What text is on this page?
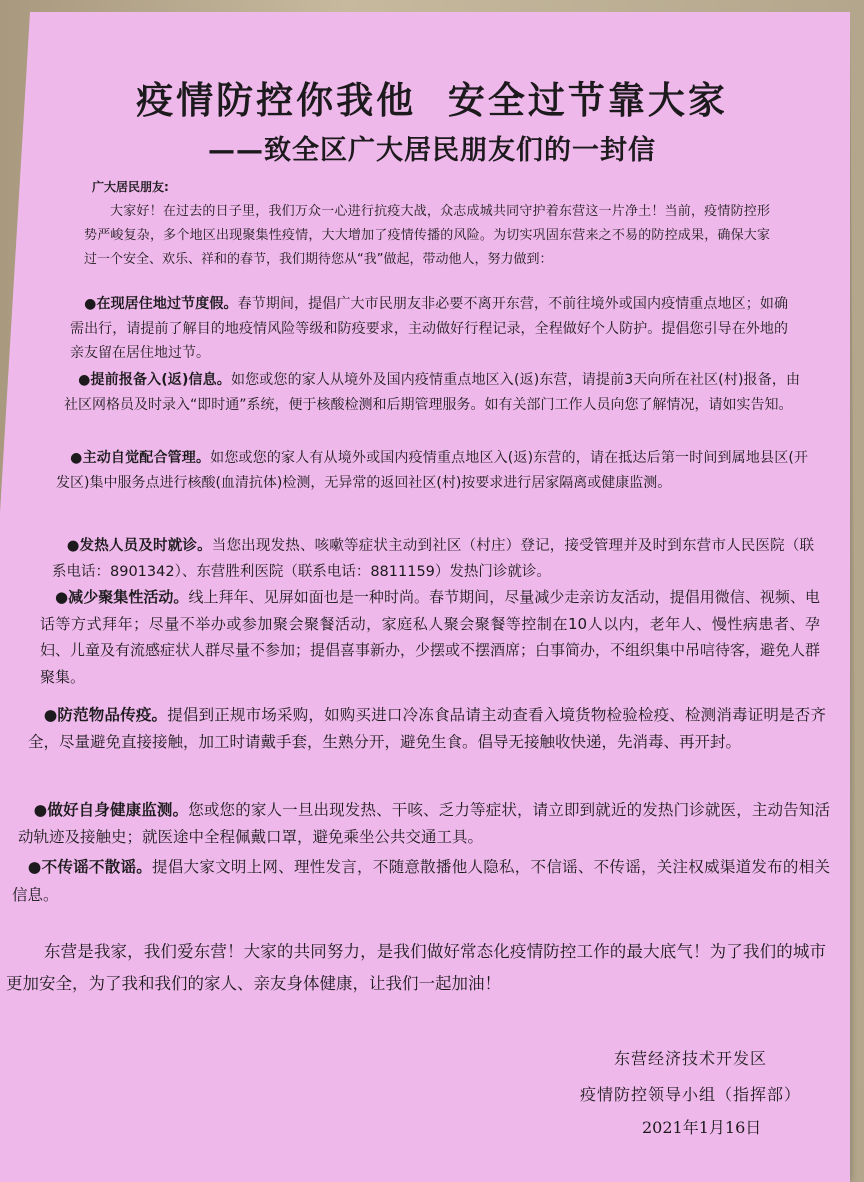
疫情防控你我他  安全过节靠大家
——致全区广大居民朋友们的一封信
广大居民朋友:
大家好！在过去的日子里，我们万众一心进行抗疫大战，众志成城共同守护着东营这一片净土！当前，疫情防控形势严峻复杂，多个地区出现聚集性疫情，大大增加了疫情传播的风险。为切实巩固东营来之不易的防控成果，确保大家过一个安全、欢乐、祥和的春节，我们期待您从“我”做起，带动他人，努力做到：
 ●在现居住地过节度假。春节期间，提倡广大市民朋友非必要不离开东营，不前往境外或国内疫情重点地区；如确需出行，请提前了解目的地疫情风险等级和防疫要求，主动做好行程记录，全程做好个人防护。提倡您引导在外地的亲友留在居住地过节。
 ●提前报备入(返)信息。如您或您的家人从境外及国内疫情重点地区入(返)东营，请提前3天向所在社区(村)报备，由社区网格员及时录入“即时通”系统，便于核酸检测和后期管理服务。如有关部门工作人员向您了解情况，请如实告知。
 ●主动自觉配合管理。如您或您的家人有从境外或国内疫情重点地区入(返)东营的，请在抵达后第一时间到属地县区(开发区)集中服务点进行核酸(血清抗体)检测，无异常的返回社区(村)按要求进行居家隔离或健康监测。
 ●发热人员及时就诊。当您出现发热、咳嗽等症状主动到社区（村庄）登记，接受管理并及时到东营市人民医院（联系电话：8901342）、东营胜利医院（联系电话：8811159）发热门诊就诊。
 ●减少聚集性活动。线上拜年、见屏如面也是一种时尚。春节期间，尽量减少走亲访友活动，提倡用微信、视频、电话等方式拜年；尽量不举办或参加聚会聚餐活动，家庭私人聚会聚餐等控制在10人以内，老年人、慢性病患者、孕妇、儿童及有流感症状人群尽量不参加；提倡喜事新办，少摆或不摆酒席；白事简办，不组织集中吊唁待客，避免人群聚集。
 ●防范物品传疫。提倡到正规市场采购，如购买进口冷冻食品请主动查看入境货物检验检疫、检测消毒证明是否齐全，尽量避免直接接触，加工时请戴手套，生熟分开，避免生食。倡导无接触收快递，先消毒、再开封。
 ●做好自身健康监测。您或您的家人一旦出现发热、干咳、乏力等症状，请立即到就近的发热门诊就医，主动告知活动轨迹及接触史；就医途中全程佩戴口罩，避免乘坐公共交通工具。
 ●不传谣不散谣。提倡大家文明上网、理性发言，不随意散播他人隐私，不信谣、不传谣，关注权威渠道发布的相关信息。
东营是我家，我们爱东营！大家的共同努力，是我们做好常态化疫情防控工作的最大底气！为了我们的城市更加安全，为了我和我们的家人、亲友身体健康，让我们一起加油！
东营经济技术开发区
疫情防控领导小组（指挥部）
2021年1月16日
